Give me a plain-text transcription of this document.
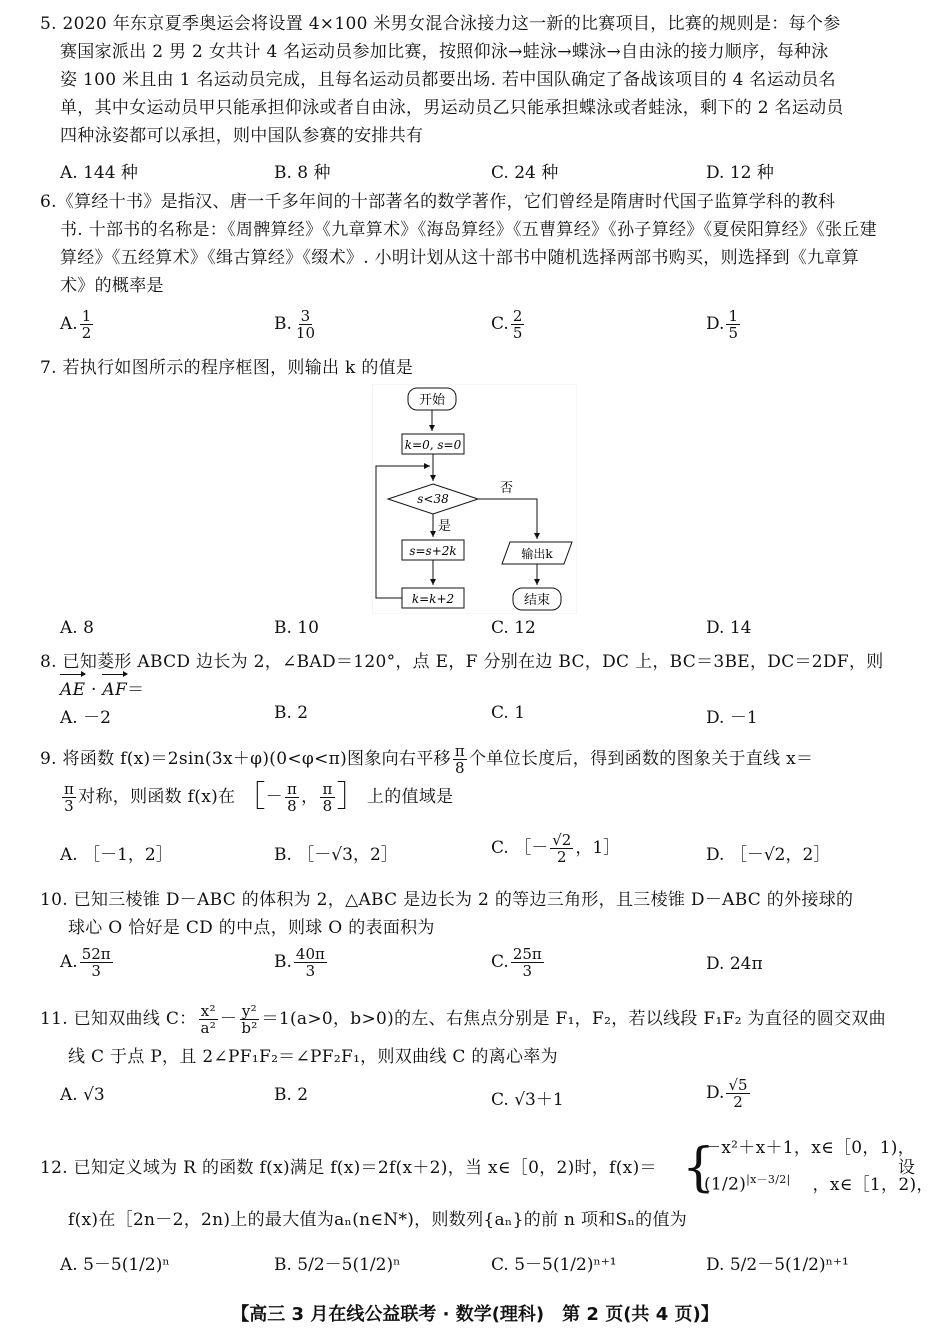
5. 2020 年东京夏季奥运会将设置 4×100 米男女混合泳接力这一新的比赛项目，比赛的规则是：每个参
赛国家派出 2 男 2 女共计 4 名运动员参加比赛，按照仰泳→蛙泳→蝶泳→自由泳的接力顺序，每种泳
姿 100 米且由 1 名运动员完成，且每名运动员都要出场. 若中国队确定了备战该项目的 4 名运动员名
单，其中女运动员甲只能承担仰泳或者自由泳，男运动员乙只能承担蝶泳或者蛙泳，剩下的 2 名运动员
四种泳姿都可以承担，则中国队参赛的安排共有
A. 144 种	B. 8 种	C. 24 种	D. 12 种
6.《算经十书》是指汉、唐一千多年间的十部著名的数学著作，它们曾经是隋唐时代国子监算学科的教科
书. 十部书的名称是：《周髀算经》《九章算术》《海岛算经》《五曹算经》《孙子算经》《夏侯阳算经》《张丘建
算经》《五经算术》《缉古算经》《缀术》. 小明计划从这十部书中随机选择两部书购买，则选择到《九章算
术》的概率是
A. $\frac{1}{2}$	B. $\frac{3}{10}$	C. $\frac{2}{5}$	D. $\frac{1}{5}$
7. 若执行如图所示的程序框图，则输出 k 的值是
开始
k=0, s=0
s<38
否
是
s=s+2k
k=k+2
输出k
结束
A. 8	B. 10	C. 12	D. 14
8. 已知菱形 ABCD 边长为 2，∠BAD＝120°，点 E，F 分别在边 BC，DC 上，BC＝3BE，DC＝2DF，则
AE · AF＝
A. －2	B. 2	C. 1	D. －1
9. 将函数 f(x)＝2sin(3x＋φ)(0<φ<π)图象向右平移 $\frac{\pi}{8}$ 个单位长度后，得到函数的图象关于直线 x＝
$\frac{\pi}{3}$ 对称，则函数 f(x)在［－ $\frac{\pi}{8}$ ， $\frac{\pi}{8}$ ］上的值域是
A. ［－1，2］	B. ［－√3，2］	C. ［－ $\frac{√2}{2}$ ，1］	D. ［－√2，2］
10. 已知三棱锥 D－ABC 的体积为 2，△ABC 是边长为 2 的等边三角形，且三棱锥 D－ABC 的外接球的
球心 O 恰好是 CD 的中点，则球 O 的表面积为
A. $\frac{52\pi}{3}$	B. $\frac{40\pi}{3}$	C. $\frac{25\pi}{3}$	D. 24π
11. 已知双曲线 C： $\frac{\text{x²}}{\text{a²}} - \frac{\text{y²}}{\text{b²}} =1(a>0$，b>0)的左、右焦点分别是 F₁，F₂，若以线段 F₁F₂ 为直径的圆交双曲
线 C 于点 P，且 2∠PF₁F₂＝∠PF₂F₁，则双曲线 C 的离心率为
A. √3	B. 2	C. √3＋1	D. $\frac{√5}{2}$
12. 已知定义域为 R 的函数 f(x)满足 f(x)＝2f(x＋2)，当 x∈［0，2)时，f(x)＝ {
－x²＋x＋1，x∈［0，1)，
$(1/2)^{|x-3/2|}$ ，x∈［1，2)，
设
f(x)在［2n－2，2n)上的最大值为aₙ(n∈N*)，则数列{aₙ}的前 n 项和Sₙ的值为
A. 5－5(1/2)ⁿ	B. 5/2－5(1/2)ⁿ	C. 5－5(1/2)ⁿ⁺¹	D. 5/2－5(1/2)ⁿ⁺¹
【高三 3 月在线公益联考 · 数学(理科)　第 2 页(共 4 页)】
